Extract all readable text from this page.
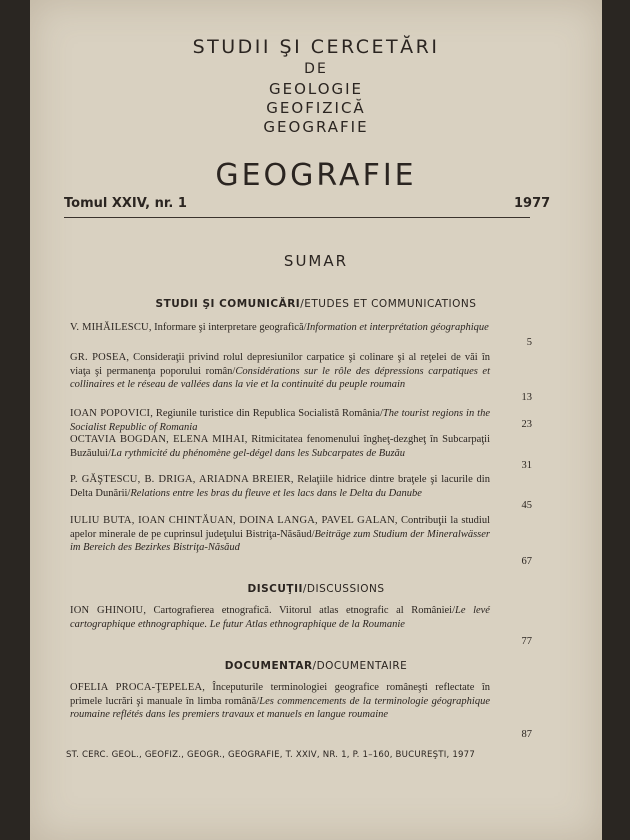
STUDII ŞI CERCETĂRI
DE
GEOLOGIE
GEOFIZICĂ
GEOGRAFIE
GEOGRAFIE
Tomul XXIV, nr. 1	1977
SUMAR
STUDII ŞI COMUNICĂRI/ETUDES ET COMMUNICATIONS
V. MIHĂILESCU, Informare şi interpretare geografică/Information et interprétation géographique
5
GR. POSEA, Consideraţii privind rolul depresiunilor carpatice şi colinare şi al reţelei de văi în viaţa şi permanenţa poporului român/Considérations sur le rôle des dépressions carpatiques et collinaires et le réseau de vallées dans la vie et la continuité du peuple roumain
13
IOAN POPOVICI, Regiunile turistice din Republica Socialistă România/The tourist regions in the Socialist Republic of Romania	23
OCTAVIA BOGDAN, ELENA MIHAI, Ritmicitatea fenomenului îngheţ-dezgheţ în Subcarpaţii Buzăului/La rythmicité du phénomène gel-dégel dans les Subcarpates de Buzău
31
P. GĂŞTESCU, B. DRIGA, ARIADNA BREIER, Relaţiile hidrice dintre braţele şi lacurile din Delta Dunării/Relations entre les bras du fleuve et les lacs dans le Delta du Danube
45
IULIU BUTA, IOAN CHINTĂUAN, DOINA LANGA, PAVEL GALAN, Contribuţii la studiul apelor minerale de pe cuprinsul judeţului Bistriţa-Năsăud/Beiträge zum Studium der Mineralwässer im Bereich des Bezirkes Bistriţa-Năsăud
67
DISCUŢII/DISCUSSIONS
ION GHINOIU, Cartografierea etnografică. Viitorul atlas etnografic al României/Le levé cartographique ethnographique. Le futur Atlas ethnographique de la Roumanie
77
DOCUMENTAR/DOCUMENTAIRE
OFELIA PROCA-ŢEPELEA, Începuturile terminologiei geografice româneşti reflectate în primele lucrări şi manuale în limba română/Les commencements de la terminologie géographique roumaine reflétés dans les premiers travaux et manuels en langue roumaine
87
ST. CERC. GEOL., GEOFIZ., GEOGR., GEOGRAFIE, T. XXIV, NR. 1, P. 1–160, BUCUREŞTI, 1977
